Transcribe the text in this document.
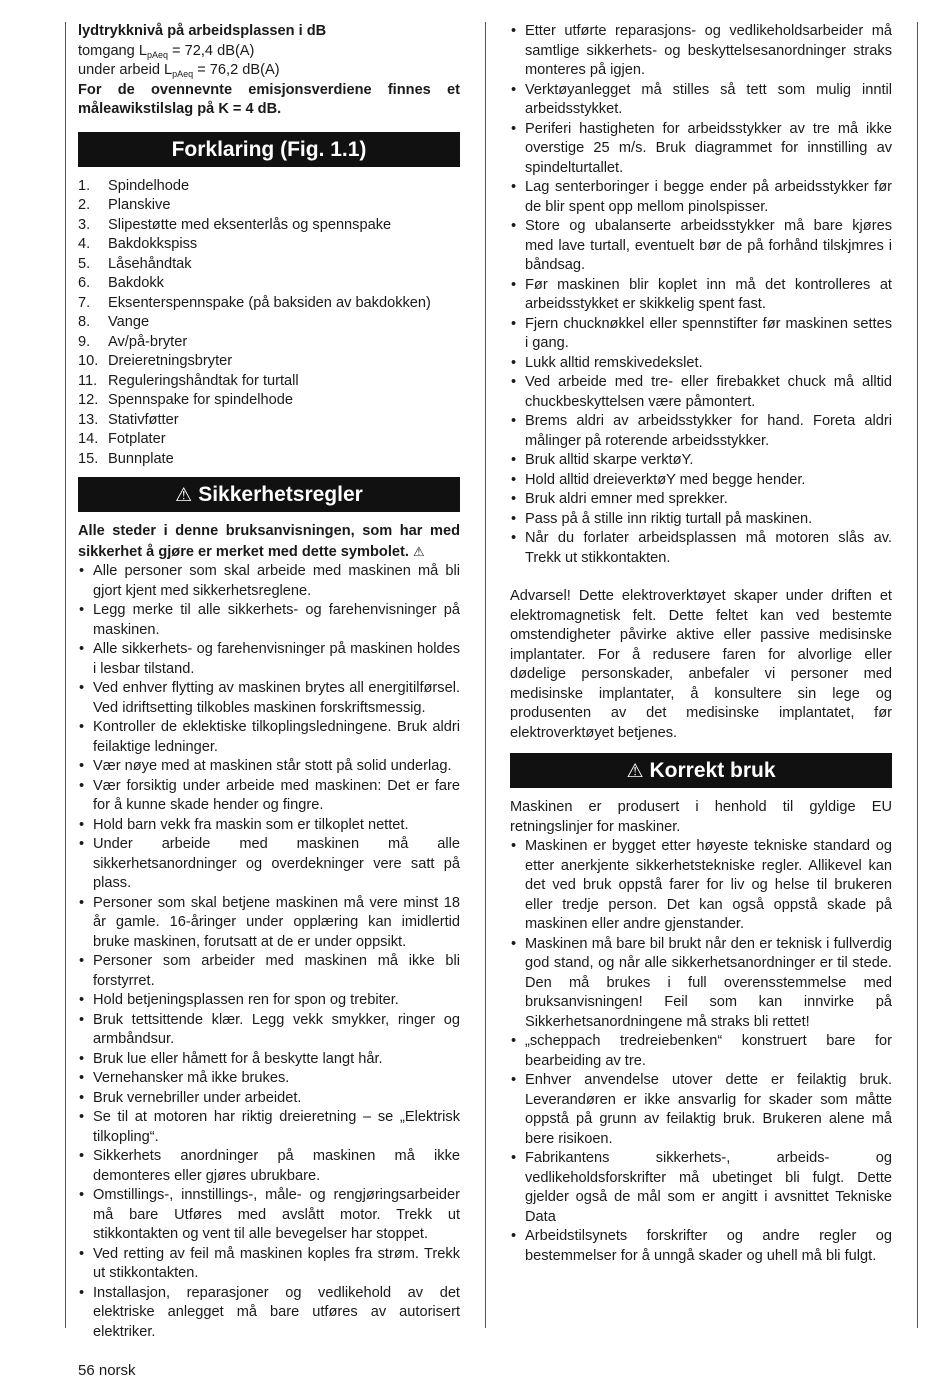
lydtrykknivå på arbeidsplassen i dB

tomgang $L_{pAeq} = 72,4$ dB(A)

under arbeid $L_{pAeq} = 76,2$ dB(A)

For de ovennevnte emisjonsverdiene finnes et måleawikstilslag på K = 4 dB.

Forklaring (Fig. 1.1)
1.	Spindelhode
2.	Planskive
3.	Slipestøtte med eksenterlås og spennspake
4.	Bakdokkspiss
5.	Låsehåndtak
6.	Bakdokk
7.	Eksenterspennspake (på baksiden av bakdokken)
8.	Vange
9.	Av/på-bryter
10. Dreieretningsbryter
11. Reguleringshåndtak for turtall
12. Spennspake for spindelhode
13. Stativføtter
14. Fotplater
15. Bunnplate
⚠ Sikkerhetsregler

Alle steder i denne bruksanvisningen, som har med sikkerhet å gjøre er merket med dette symbolet. ⚠

• Alle personer som skal arbeide med maskinen må bli gjort kjent med sikkerhetsreglene.
• Legg merke til alle sikkerhets- og farehenvisninger på maskinen.
• Alle sikkerhets- og farehenvisninger på maskinen holdes i lesbar tilstand.
• Ved enhver flytting av maskinen brytes all energitilførsel. Ved idriftsetting tilkobles maskinen forskriftsmessig.
• Kontroller de eklektiske tilkoplingsledningene. Bruk aldri feilaktige ledninger.
• Vær nøye med at maskinen står stott på solid underlag.
• Vær forsiktig under arbeide med maskinen: Det er fare for å kunne skade hender og fingre.
• Hold barn vekk fra maskin som er tilkoplet nettet.
• Under arbeide med maskinen må alle sikkerhetsanordninger og overdekninger vere satt på plass.
• Personer som skal betjene maskinen må vere minst 18 år gamle. 16-åringer under opplæring kan imidlertid bruke maskinen, forutsatt at de er under oppsikt.
• Personer som arbeider med maskinen må ikke bli forstyrret.
• Hold betjeningsplassen ren for spon og trebiter.
• Bruk tettsittende klær. Legg vekk smykker, ringer og armbåndsur.
• Bruk lue eller håmett for å beskytte langt hår.
• Vernehansker må ikke brukes.
• Bruk vernebriller under arbeidet.
• Se til at motoren har riktig dreieretning – se „Elektrisk tilkopling“.
• Sikkerhets anordninger på maskinen må ikke demonteres eller gjøres ubrukbare.
• Omstillings-, innstillings-, måle- og rengjøringsarbeider må bare Utføres med avslått motor. Trekk ut stikkontakten og vent til alle bevegelser har stoppet.
• Ved retting av feil må maskinen koples fra strøm. Trekk ut stikkontakten.
• Installasjon, reparasjoner og vedlikehold av det elektriske anlegget må bare utføres av autorisert elektriker.
• Etter utførte reparasjons- og vedlikeholdsarbeider må samtlige sikkerhets- og beskyttelsesanordninger straks monteres på igjen.
• Verktøyanlegget må stilles så tett som mulig inntil arbeidsstykket.
• Periferi hastigheten for arbeidsstykker av tre må ikke overstige 25 m/s. Bruk diagrammet for innstilling av spindelturtallet.
• Lag senterboringer i begge ender på arbeidsstykker før de blir spent opp mellom pinolspisser.
• Store og ubalanserte arbeidsstykker må bare kjøres med lave turtall, eventuelt bør de på forhånd tilskjmres i båndsag.
• Før maskinen blir koplet inn må det kontrolleres at arbeidsstykket er skikkelig spent fast.
• Fjern chucknøkkel eller spennstifter før maskinen settes i gang.
• Lukk alltid remskivedekslet.
• Ved arbeide med tre- eller firebakket chuck må alltid chuckbeskyttelsen være påmontert.
• Brems aldri av arbeidsstykker for hand. Foreta aldri målinger på roterende arbeidsstykker.
• Bruk alltid skarpe verktøY.
• Hold alltid dreieverktøY med begge hender.
• Bruk aldri emner med sprekker.
• Pass på å stille inn riktig turtall på maskinen.
• Når du forlater arbeidsplassen må motoren slås av. Trekk ut stikkontakten.

Advarsel! Dette elektroverktøyet skaper under driften et elektromagnetisk felt. Dette feltet kan ved bestemte omstendigheter påvirke aktive eller passive medisinske implantater. For å redusere faren for alvorlige eller dødelige personskader, anbefaler vi personer med medisinske implantater, å konsultere sin lege og produsenten av det medisinske implantatet, før elektroverktøyet betjenes.

⚠ Korrekt bruk

Maskinen er produsert i henhold til gyldige EU retningslinjer for maskiner.

• Maskinen er bygget etter høyeste tekniske standard og etter anerkjente sikkerhetstekniske regler. Allikevel kan det ved bruk oppstå farer for liv og helse til brukeren eller tredje person. Det kan også oppstå skade på maskinen eller andre gjenstander.
• Maskinen må bare bil brukt når den er teknisk i fullverdig god stand, og når alle sikkerhetsanordninger er til stede. Den må brukes i full overensstemmelse med bruksanvisningen! Feil som kan innvirke på Sikkerhetsanordningene må straks bli rettet!
• „scheppach tredreiebenken“ konstruert bare for bearbeiding av tre.
• Enhver anvendelse utover dette er feilaktig bruk. Leverandøren er ikke ansvarlig for skader som måtte oppstå på grunn av feilaktig bruk. Brukeren alene må bere risikoen.
• Fabrikantens sikkerhets-, arbeids- og vedlikeholdsforskrifter må ubetinget bli fulgt. Dette gjelder også de mål som er angitt i avsnittet Tekniske Data
• Arbeidstilsynets forskrifter og andre regler og bestemmelser for å unngå skader og uhell må bli fulgt.
56 norsk
